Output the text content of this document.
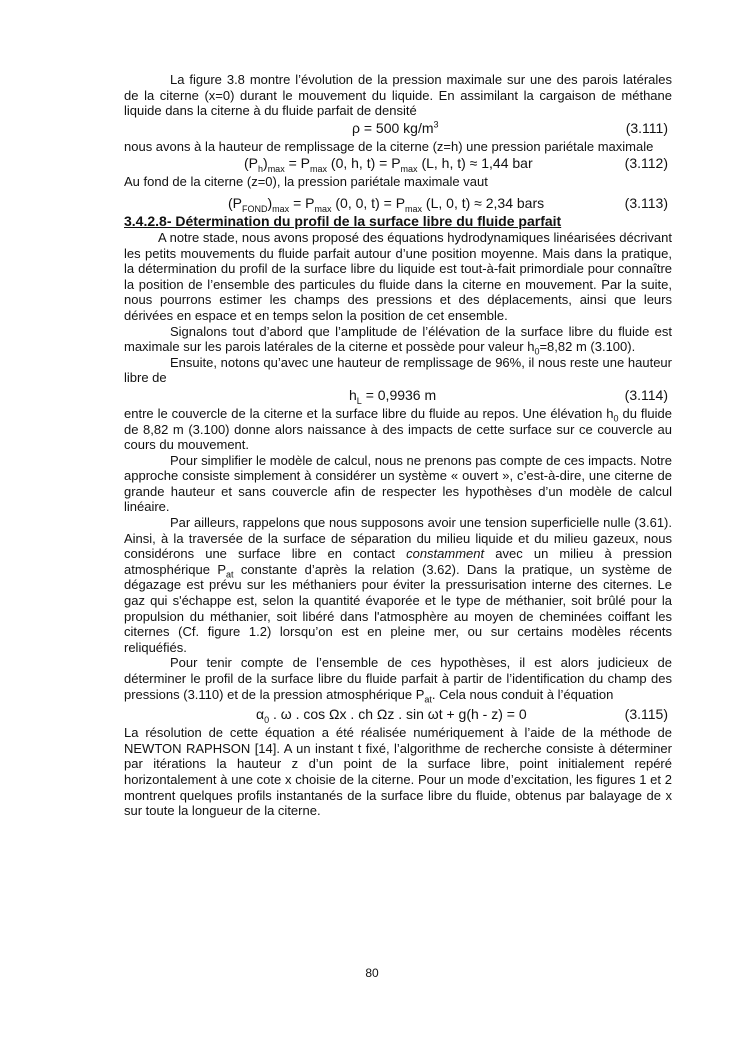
La figure 3.8 montre l’évolution de la pression maximale sur une des parois latérales de la citerne (x=0) durant le mouvement du liquide. En assimilant la cargaison de méthane liquide dans la citerne à du fluide parfait de densité

ρ = 500 $kg/m^3$	(3.111)

nous avons à la hauteur de remplissage de la citerne (z=h) une pression pariétale maximale

$(P_h)_{max} = P_{max}$ (0, h, $t) = P_{max}$ (L, h, t) ≈ 1,44 bar	(3.112)

Au fond de la citerne (z=0), la pression pariétale maximale vaut

$(P_{FOND})_{max} = P_{max}$ (0, 0, $t) = P_{max}$ (L, 0, t) ≈ 2,34 bars	(3.113)
3.4.2.8- Détermination du profil de la surface libre du fluide parfait

A notre stade, nous avons proposé des équations hydrodynamiques linéarisées décrivant les petits mouvements du fluide parfait autour d’une position moyenne. Mais dans la pratique, la détermination du profil de la surface libre du liquide est tout-à-fait primordiale pour connaître la position de l’ensemble des particules du fluide dans la citerne en mouvement. Par la suite, nous pourrons estimer les champs des pressions et des déplacements, ainsi que leurs dérivées en espace et en temps selon la position de cet ensemble.

Signalons tout d’abord que l’amplitude de l’élévation de la surface libre du fluide est maximale sur les parois latérales de la citerne et possède pour valeur $h_0=8,82$ m (3.100).

Ensuite, notons qu’avec une hauteur de remplissage de 96%, il nous reste une hauteur libre de

$h_L = 0,9936$ m	(3.114)

entre le couvercle de la citerne et la surface libre du fluide au repos. Une élévation $h_0$ du fluide de 8,82 m (3.100) donne alors naissance à des impacts de cette surface sur ce couvercle au cours du mouvement.

Pour simplifier le modèle de calcul, nous ne prenons pas compte de ces impacts. Notre approche consiste simplement à considérer un système « ouvert », c’est-à-dire, une citerne de grande hauteur et sans couvercle afin de respecter les hypothèses d’un modèle de calcul linéaire.

Par ailleurs, rappelons que nous supposons avoir une tension superficielle nulle (3.61). Ainsi, à la traversée de la surface de séparation du milieu liquide et du milieu gazeux, nous considérons une surface libre en contact constamment avec un milieu à pression atmosphérique $P_{at}$ constante d’après la relation (3.62). Dans la pratique, un système de dégazage est prévu sur les méthaniers pour éviter la pressurisation interne des citernes. Le gaz qui s'échappe est, selon la quantité évaporée et le type de méthanier, soit brûlé pour la propulsion du méthanier, soit libéré dans l'atmosphère au moyen de cheminées coiffant les citernes (Cf. figure 1.2) lorsqu’on est en pleine mer, ou sur certains modèles récents reliquéfiés.

Pour tenir compte de l’ensemble de ces hypothèses, il est alors judicieux de déterminer le profil de la surface libre du fluide parfait à partir de l’identification du champ des pressions (3.110) et de la pression atmosphérique $P_{at}$. Cela nous conduit à l’équation

$\alpha_0$ . ω . cos Ωx . ch Ωz . sin ωt + g(h - z) = 0	(3.115)

La résolution de cette équation a été réalisée numériquement à l’aide de la méthode de NEWTON RAPHSON [14]. A un instant t fixé, l’algorithme de recherche consiste à déterminer par itérations la hauteur z d’un point de la surface libre, point initialement repéré horizontalement à une cote x choisie de la citerne. Pour un mode d’excitation, les figures 1 et 2 montrent quelques profils instantanés de la surface libre du fluide, obtenus par balayage de x sur toute la longueur de la citerne.

80
